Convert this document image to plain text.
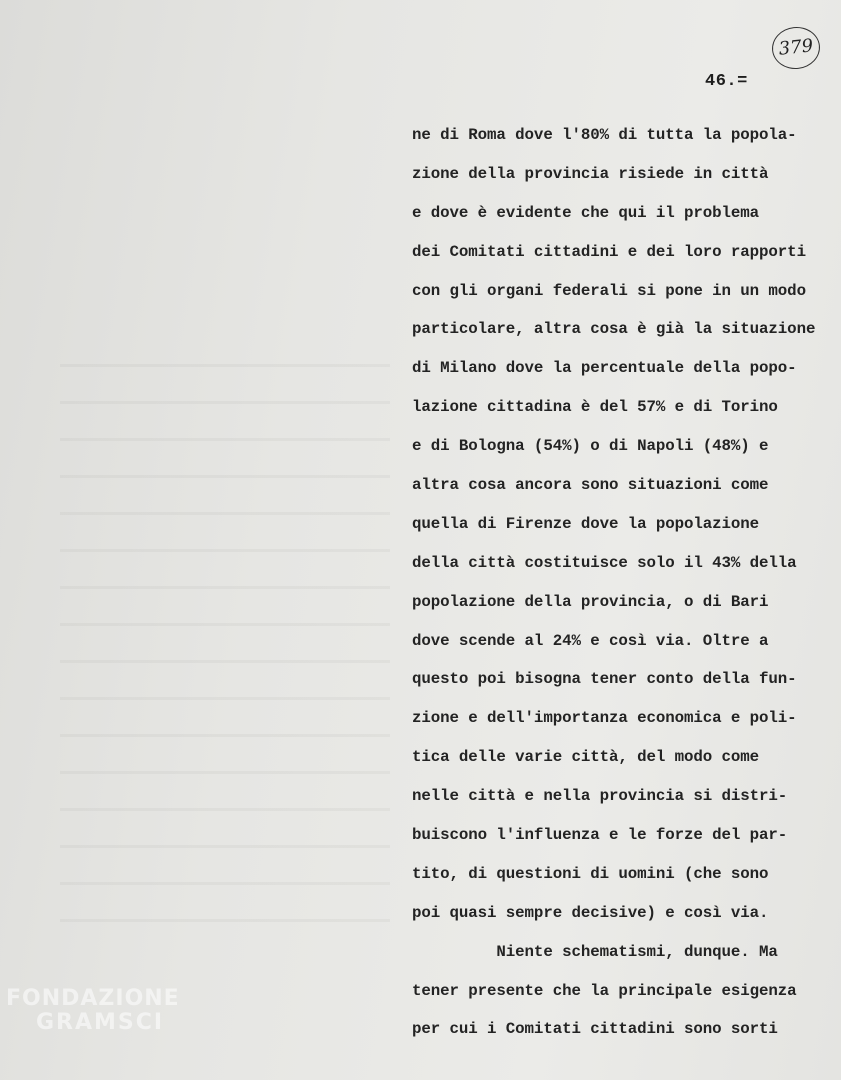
379
46.=
ne di Roma dove l'80% di tutta la popola-
zione della provincia risiede in città
e dove è evidente che qui il problema
dei Comitati cittadini e dei loro rapporti
con gli organi federali si pone in un modo
particolare, altra cosa è già la situazione
di Milano dove la percentuale della popo-
lazione cittadina è del 57% e di Torino
e di Bologna (54%) o di Napoli (48%) e
altra cosa ancora sono situazioni come
quella di Firenze dove la popolazione
della città costituisce solo il 43% della
popolazione della provincia, o di Bari
dove scende al 24% e così via. Oltre a
questo poi bisogna tener conto della fun-
zione e dell'importanza economica e poli-
tica delle varie città, del modo come
nelle città e nella provincia si distri-
buiscono l'influenza e le forze del par-
tito, di questioni di uomini (che sono
poi quasi sempre decisive) e così via.
Niente schematismi, dunque. Ma
tener presente che la principale esigenza
per cui i Comitati cittadini sono sorti
FONDAZIONE
GRAMSCI
